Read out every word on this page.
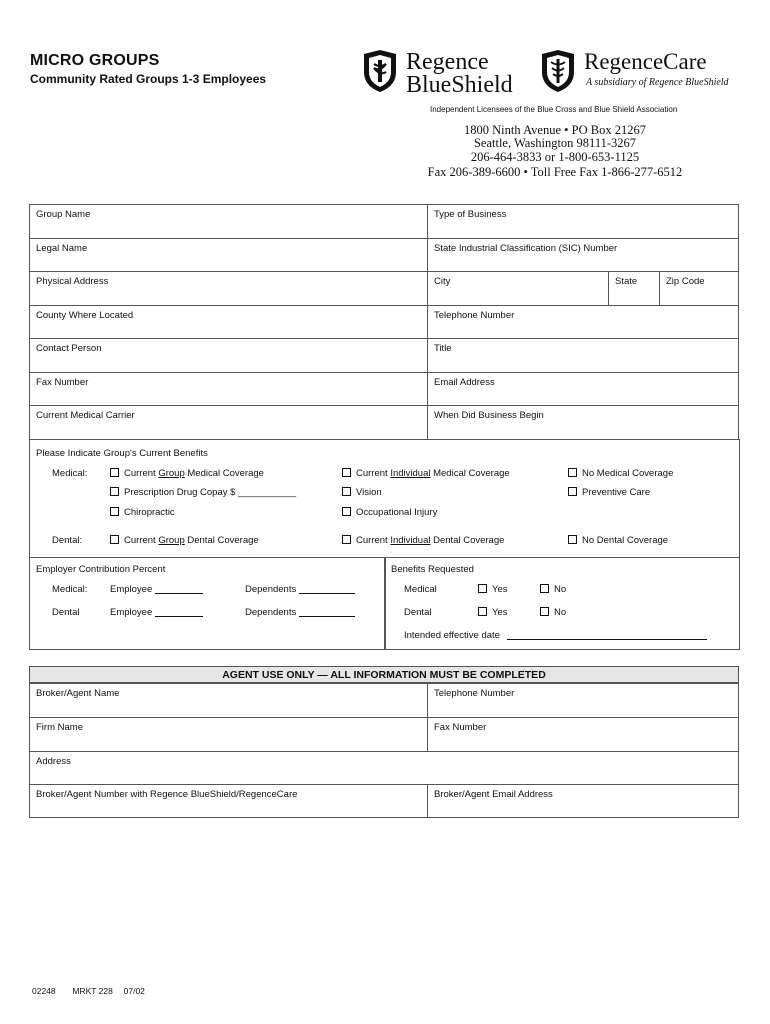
MICRO GROUPS
Community Rated Groups 1-3 Employees
Regence
BlueShield
RegenceCare
A subsidiary of Regence BlueShield
Independent Licensees of the Blue Cross and Blue Shield Association
1800 Ninth Avenue • PO Box 21267
Seattle, Washington 98111-3267
206-464-3833 or 1-800-653-1125
Fax 206-389-6600 • Toll Free Fax 1-866-277-6512
Group Name	Type of Business		

Legal Name	State Industrial Classification (SIC) Number		

Physical Address	City	State	Zip Code

County Where Located	Telephone Number		

Contact Person	Title		

Fax Number	Email Address		

Current Medical Carrier	When Did Business Begin		
Please Indicate Group's Current Benefits
Medical:	Current Group Medical Coverage	Current Individual Medical Coverage	No Medical Coverage
Prescription Drug Copay $ ___________	Vision	Preventive Care
Chiropractic	Occupational Injury
Dental:	Current Group Dental Coverage	Current Individual Dental Coverage	No Dental Coverage
Employer Contribution Percent
Medical: Employee	Dependents
Dental	Employee	Dependents
Benefits Requested
Medical	Yes	No
Dental	Yes	No
Intended effective date
AGENT USE ONLY — ALL INFORMATION MUST BE COMPLETED
Broker/Agent Name	Telephone Number

Firm Name	Fax Number

Address	

Broker/Agent Number with Regence BlueShield/RegenceCare	Broker/Agent Email Address
02248 MRKT 228 07/02
